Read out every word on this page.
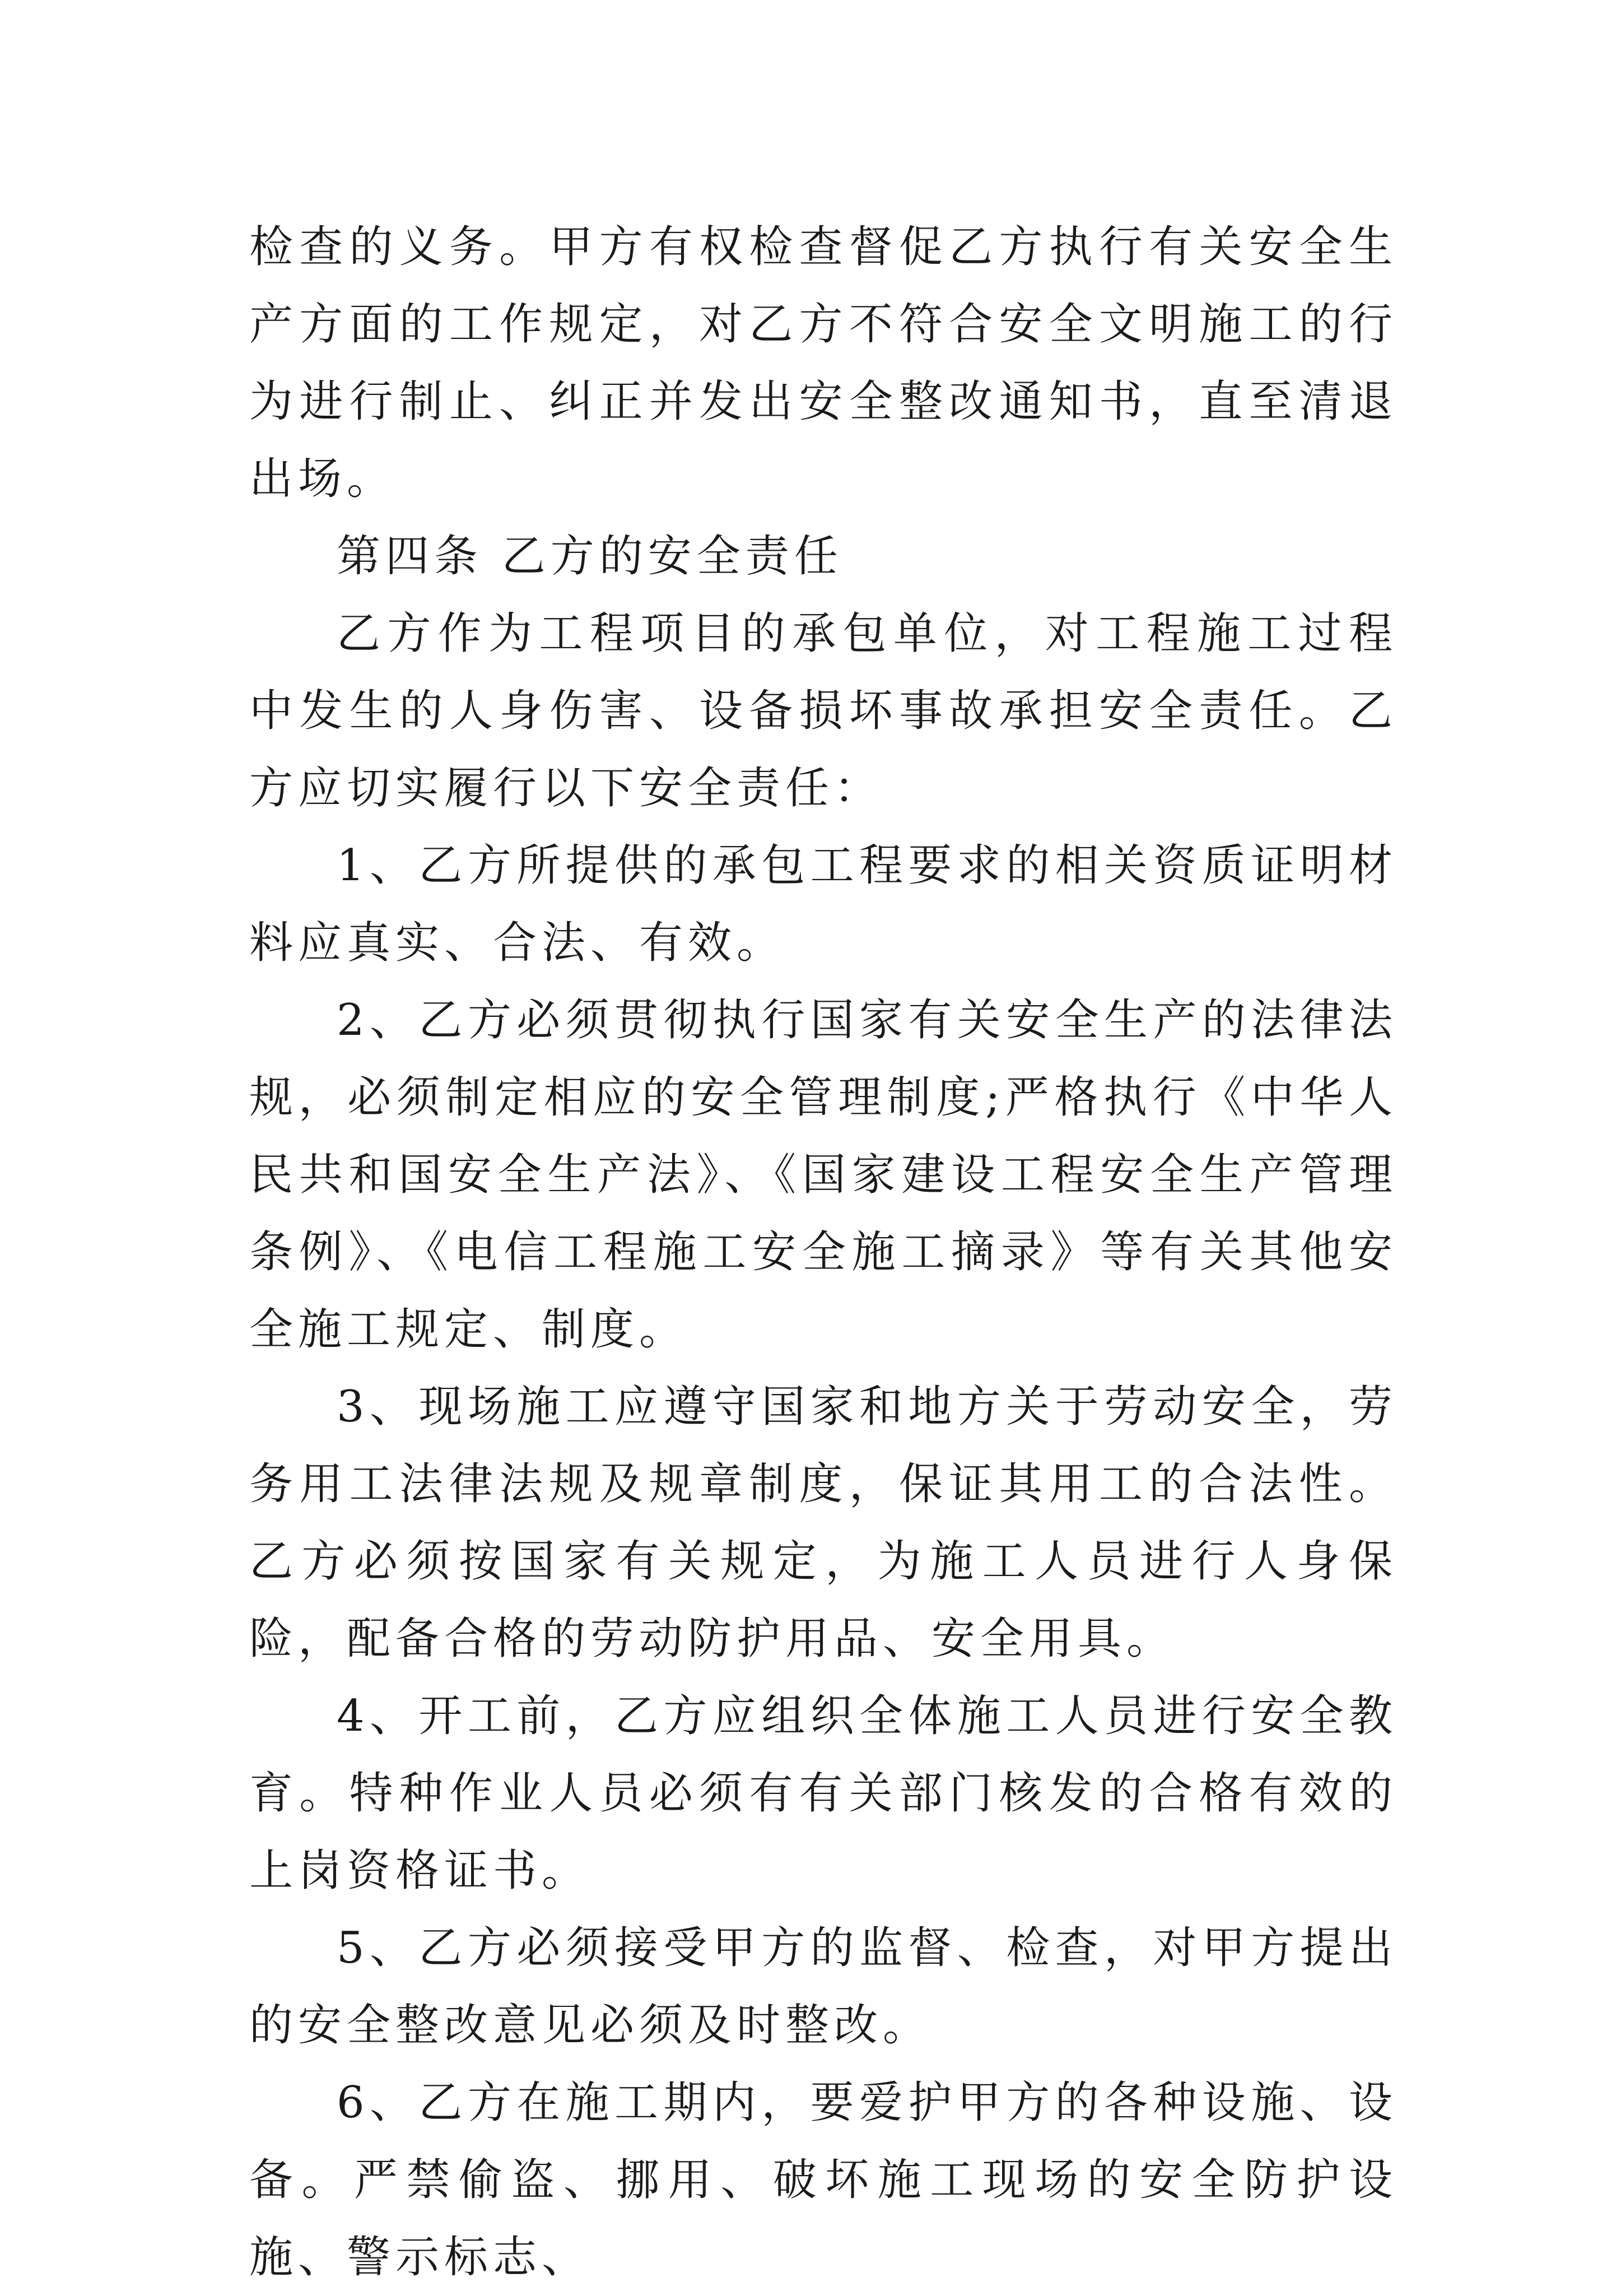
检查的义务。甲方有权检查督促乙方执行有关安全生产方面的工作规定，对乙方不符合安全文明施工的行为进行制止、纠正并发出安全整改通知书，直至清退出场。

第四条 乙方的安全责任

乙方作为工程项目的承包单位，对工程施工过程中发生的人身伤害、设备损坏事故承担安全责任。乙方应切实履行以下安全责任：

1、乙方所提供的承包工程要求的相关资质证明材料应真实、合法、有效。

2、乙方必须贯彻执行国家有关安全生产的法律法规，必须制定相应的安全管理制度;严格执行《中华人民共和国安全生产法》、《国家建设工程安全生产管理条例》、《电信工程施工安全施工摘录》等有关其他安全施工规定、制度。

3、现场施工应遵守国家和地方关于劳动安全，劳务用工法律法规及规章制度，保证其用工的合法性。乙方必须按国家有关规定，为施工人员进行人身保险，配备合格的劳动防护用品、安全用具。

4、开工前，乙方应组织全体施工人员进行安全教育。特种作业人员必须有有关部门核发的合格有效的上岗资格证书。

5、乙方必须接受甲方的监督、检查，对甲方提出的安全整改意见必须及时整改。

6、乙方在施工期内，要爱护甲方的各种设施、设备。严禁偷盗、挪用、破坏施工现场的安全防护设施、警示标志、
